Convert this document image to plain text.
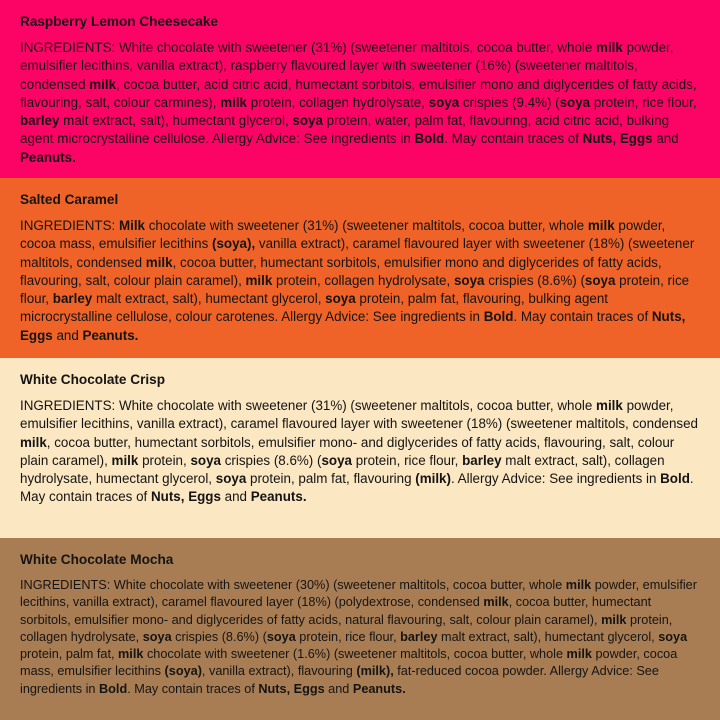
Raspberry Lemon Cheesecake

INGREDIENTS: White chocolate with sweetener (31%) (sweetener maltitols, cocoa butter, whole milk powder, emulsifier lecithins, vanilla extract), raspberry flavoured layer with sweetener (16%) (sweetener maltitols, condensed milk, cocoa butter, acid citric acid, humectant sorbitols, emulsifier mono and diglycerides of fatty acids, flavouring, salt, colour carmines), milk protein, collagen hydrolysate, soya crispies (9.4%) (soya protein, rice flour, barley malt extract, salt), humectant glycerol, soya protein, water, palm fat, flavouring, acid citric acid, bulking agent microcrystalline cellulose. Allergy Advice: See ingredients in Bold. May contain traces of Nuts, Eggs and Peanuts.

Salted Caramel

INGREDIENTS: Milk chocolate with sweetener (31%) (sweetener maltitols, cocoa butter, whole milk powder, cocoa mass, emulsifier lecithins (soya), vanilla extract), caramel flavoured layer with sweetener (18%) (sweetener maltitols, condensed milk, cocoa butter, humectant sorbitols, emulsifier mono and diglycerides of fatty acids, flavouring, salt, colour plain caramel), milk protein, collagen hydrolysate, soya crispies (8.6%) (soya protein, rice flour, barley malt extract, salt), humectant glycerol, soya protein, palm fat, flavouring, bulking agent microcrystalline cellulose, colour carotenes. Allergy Advice: See ingredients in Bold. May contain traces of Nuts, Eggs and Peanuts.

White Chocolate Crisp

INGREDIENTS: White chocolate with sweetener (31%) (sweetener maltitols, cocoa butter, whole milk powder, emulsifier lecithins, vanilla extract), caramel flavoured layer with sweetener (18%) (sweetener maltitols, condensed milk, cocoa butter, humectant sorbitols, emulsifier mono- and diglycerides of fatty acids, flavouring, salt, colour plain caramel), milk protein, soya crispies (8.6%) (soya protein, rice flour, barley malt extract, salt), collagen hydrolysate, humectant glycerol, soya protein, palm fat, flavouring (milk). Allergy Advice: See ingredients in Bold. May contain traces of Nuts, Eggs and Peanuts.

White Chocolate Mocha

INGREDIENTS: White chocolate with sweetener (30%) (sweetener maltitols, cocoa butter, whole milk powder, emulsifier lecithins, vanilla extract), caramel flavoured layer (18%) (polydextrose, condensed milk, cocoa butter, humectant sorbitols, emulsifier mono- and diglycerides of fatty acids, natural flavouring, salt, colour plain caramel), milk protein, collagen hydrolysate, soya crispies (8.6%) (soya protein, rice flour, barley malt extract, salt), humectant glycerol, soya protein, palm fat, milk chocolate with sweetener (1.6%) (sweetener maltitols, cocoa butter, whole milk powder, cocoa mass, emulsifier lecithins (soya), vanilla extract), flavouring (milk), fat-reduced cocoa powder. Allergy Advice: See ingredients in Bold. May contain traces of Nuts, Eggs and Peanuts.
